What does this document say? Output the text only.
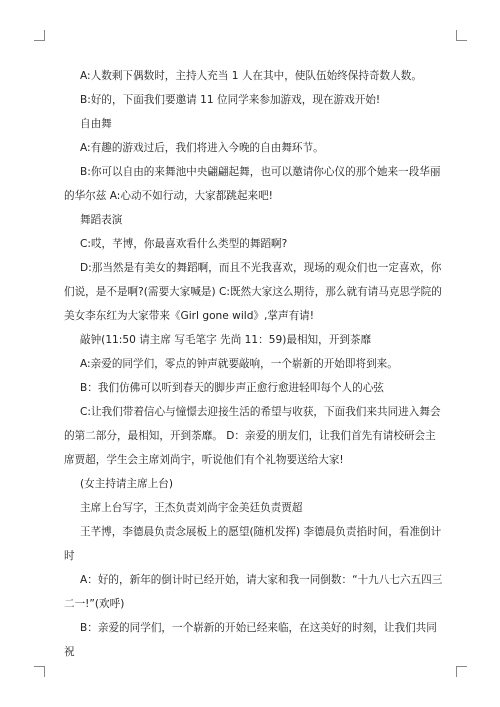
A:人数剩下偶数时，主持人充当 1 人在其中，使队伍始终保持奇数人数。

B:好的，下面我们要邀请 11 位同学来参加游戏，现在游戏开始!

自由舞

A:有趣的游戏过后，我们将进入今晚的自由舞环节。

B:你可以自由的来舞池中央翩翩起舞，也可以邀请你心仪的那个她来一段华丽的华尔兹 A:心动不如行动，大家都跳起来吧!

舞蹈表演

C:哎，芊博，你最喜欢看什么类型的舞蹈啊?

D:那当然是有美女的舞蹈啊，而且不光我喜欢，现场的观众们也一定喜欢，你们说，是不是啊?(需要大家喊是) C:既然大家这么期待，那么就有请马克思学院的美女李东红为大家带来《Girl gone wild》,掌声有请!

敲钟(11:50 请主席 写毛笔字 先尚 11：59)最相知，开到茶靡

A:亲爱的同学们，零点的钟声就要敲响，一个崭新的开始即将到来。

B：我们仿佛可以听到春天的脚步声正愈行愈进轻叩每个人的心弦

C:让我们带着信心与憧憬去迎接生活的希望与收获，下面我们来共同进入舞会的第二部分，最相知，开到荼靡。 D：亲爱的朋友们，让我们首先有请校研会主席贾超，学生会主席刘尚宇，听说他们有个礼物要送给大家!

(女主持请主席上台)

主席上台写字，王杰负责刘尚宇金美廷负责贾超

王芊博，李德晨负责念展板上的愿望(随机发挥) 李德晨负责掐时间，看准倒计时

A：好的，新年的倒计时已经开始，请大家和我一同倒数：“十九八七六五四三二一!”(欢呼)

B：亲爱的同学们，一个崭新的开始已经来临，在这美好的时刻，让我们共同祝
